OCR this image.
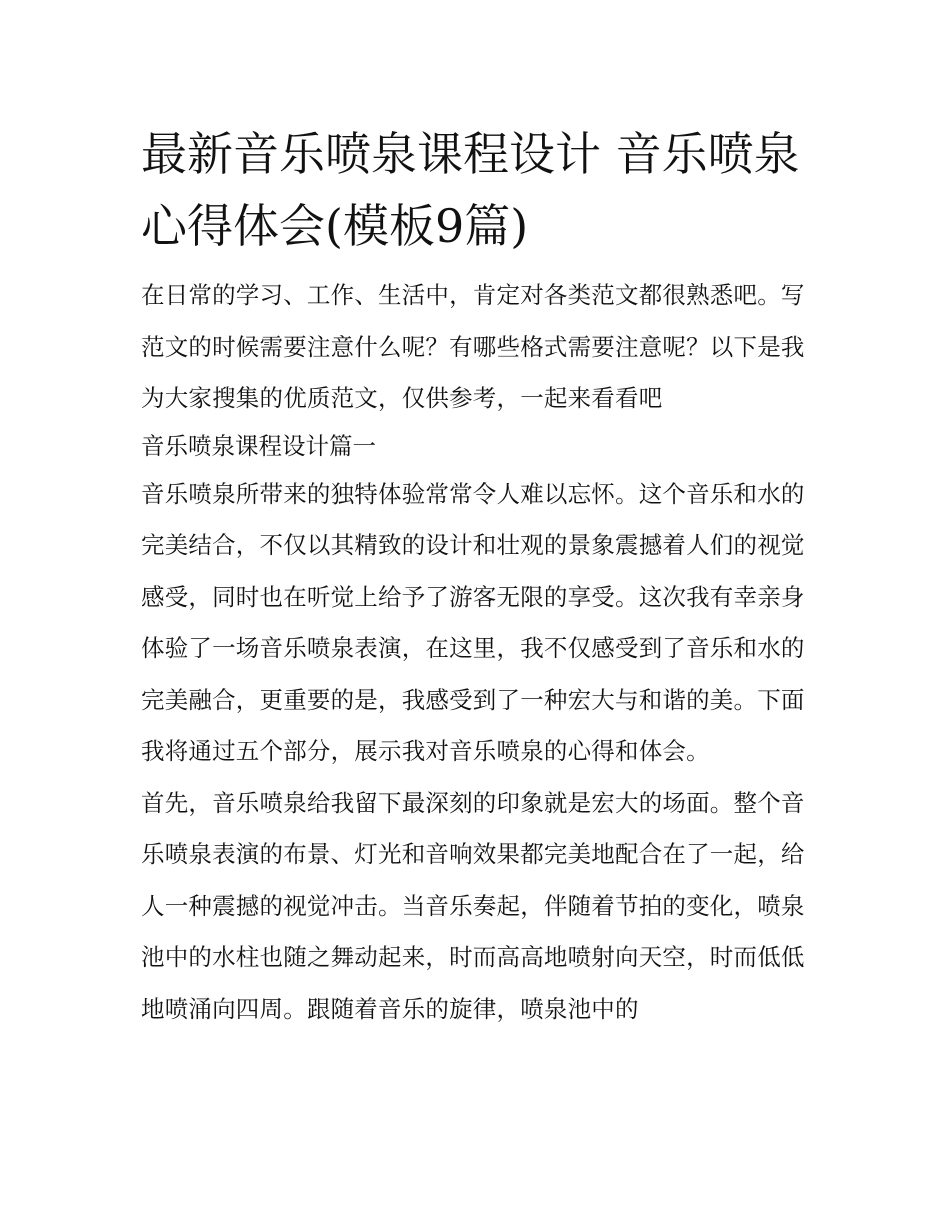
最新音乐喷泉课程设计 音乐喷泉心得体会(模板9篇)

在日常的学习、工作、生活中，肯定对各类范文都很熟悉吧。写范文的时候需要注意什么呢？有哪些格式需要注意呢？以下是我为大家搜集的优质范文，仅供参考，一起来看看吧

音乐喷泉课程设计篇一

音乐喷泉所带来的独特体验常常令人难以忘怀。这个音乐和水的完美结合，不仅以其精致的设计和壮观的景象震撼着人们的视觉感受，同时也在听觉上给予了游客无限的享受。这次我有幸亲身体验了一场音乐喷泉表演，在这里，我不仅感受到了音乐和水的完美融合，更重要的是，我感受到了一种宏大与和谐的美。下面我将通过五个部分，展示我对音乐喷泉的心得和体会。

首先，音乐喷泉给我留下最深刻的印象就是宏大的场面。整个音乐喷泉表演的布景、灯光和音响效果都完美地配合在了一起，给人一种震撼的视觉冲击。当音乐奏起，伴随着节拍的变化，喷泉池中的水柱也随之舞动起来，时而高高地喷射向天空，时而低低地喷涌向四周。跟随着音乐的旋律，喷泉池中的
